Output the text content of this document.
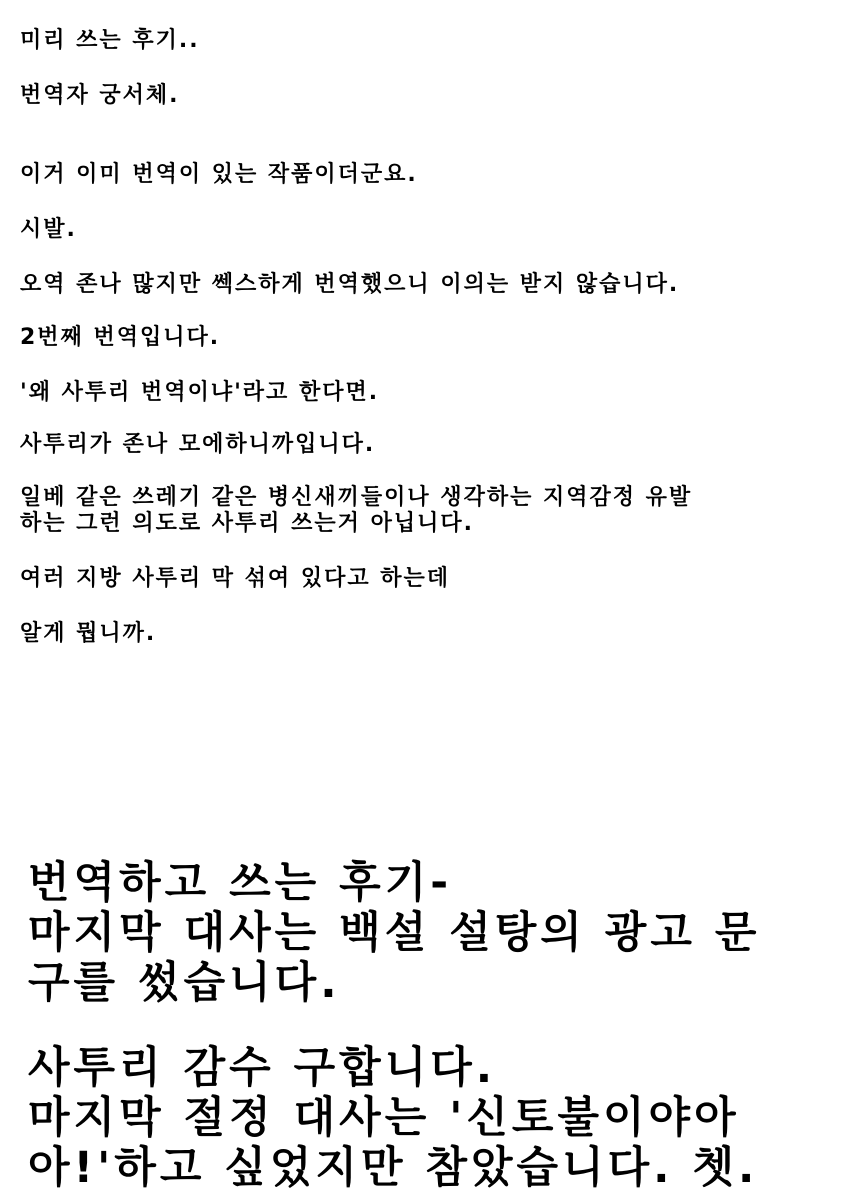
미리 쓰는 후기..

번역자 궁서체.

이거 이미 번역이 있는 작품이더군요.

시발.

오역 존나 많지만 쎅스하게 번역했으니 이의는 받지 않습니다.

2번째 번역입니다.

'왜 사투리 번역이냐'라고 한다면.

사투리가 존나 모에하니까입니다.

일베 같은 쓰레기 같은 병신새끼들이나 생각하는 지역감정 유발

하는 그런 의도로 사투리 쓰는거 아닙니다.

여러 지방 사투리 막 섞여 있다고 하는데

알게 뭡니까.

번역하고 쓰는 후기-

마지막 대사는 백설 설탕의 광고 문

구를 썼습니다.

사투리 감수 구합니다.

마지막 절정 대사는 '신토불이야아

아!'하고 싶었지만 참았습니다. 쳇.
